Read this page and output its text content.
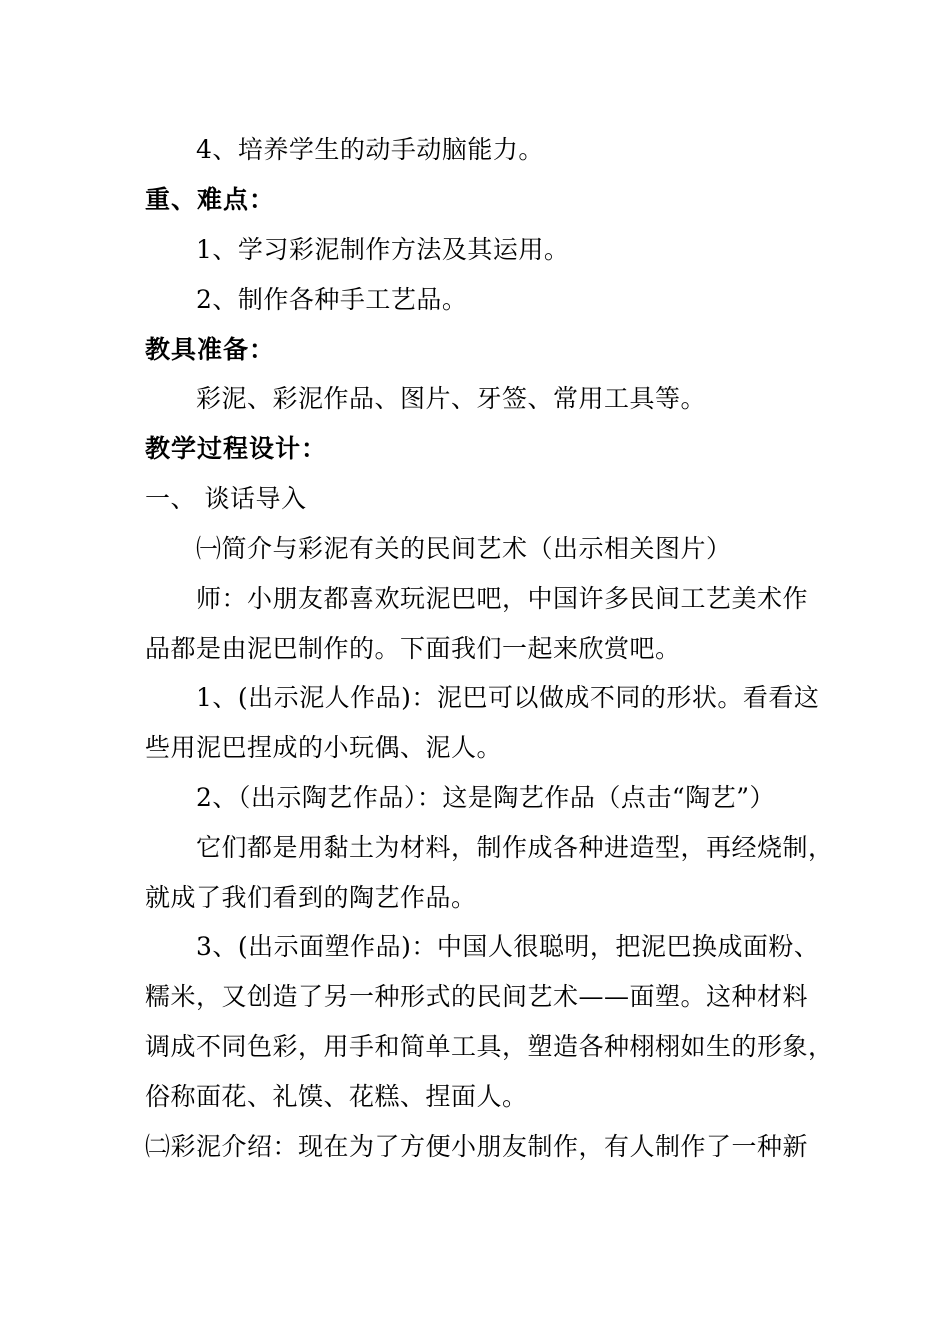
4、培养学生的动手动脑能力。
重、难点：
1、学习彩泥制作方法及其运用。
2、制作各种手工艺品。
教具准备：
彩泥、彩泥作品、图片、牙签、常用工具等。
教学过程设计：
一、 谈话导入
㈠简介与彩泥有关的民间艺术（出示相关图片）
师：小朋友都喜欢玩泥巴吧，中国许多民间工艺美术作
品都是由泥巴制作的。下面我们一起来欣赏吧。
1、(出示泥人作品)：泥巴可以做成不同的形状。看看这
些用泥巴捏成的小玩偶、泥人。
2、（出示陶艺作品）：这是陶艺作品（点击“陶艺”）
它们都是用黏土为材料，制作成各种进造型，再经烧制，
就成了我们看到的陶艺作品。
3、(出示面塑作品)：中国人很聪明，把泥巴换成面粉、
糯米，又创造了另一种形式的民间艺术——面塑。这种材料
调成不同色彩，用手和简单工具，塑造各种栩栩如生的形象，
俗称面花、礼馍、花糕、捏面人。
㈡彩泥介绍：现在为了方便小朋友制作，有人制作了一种新
